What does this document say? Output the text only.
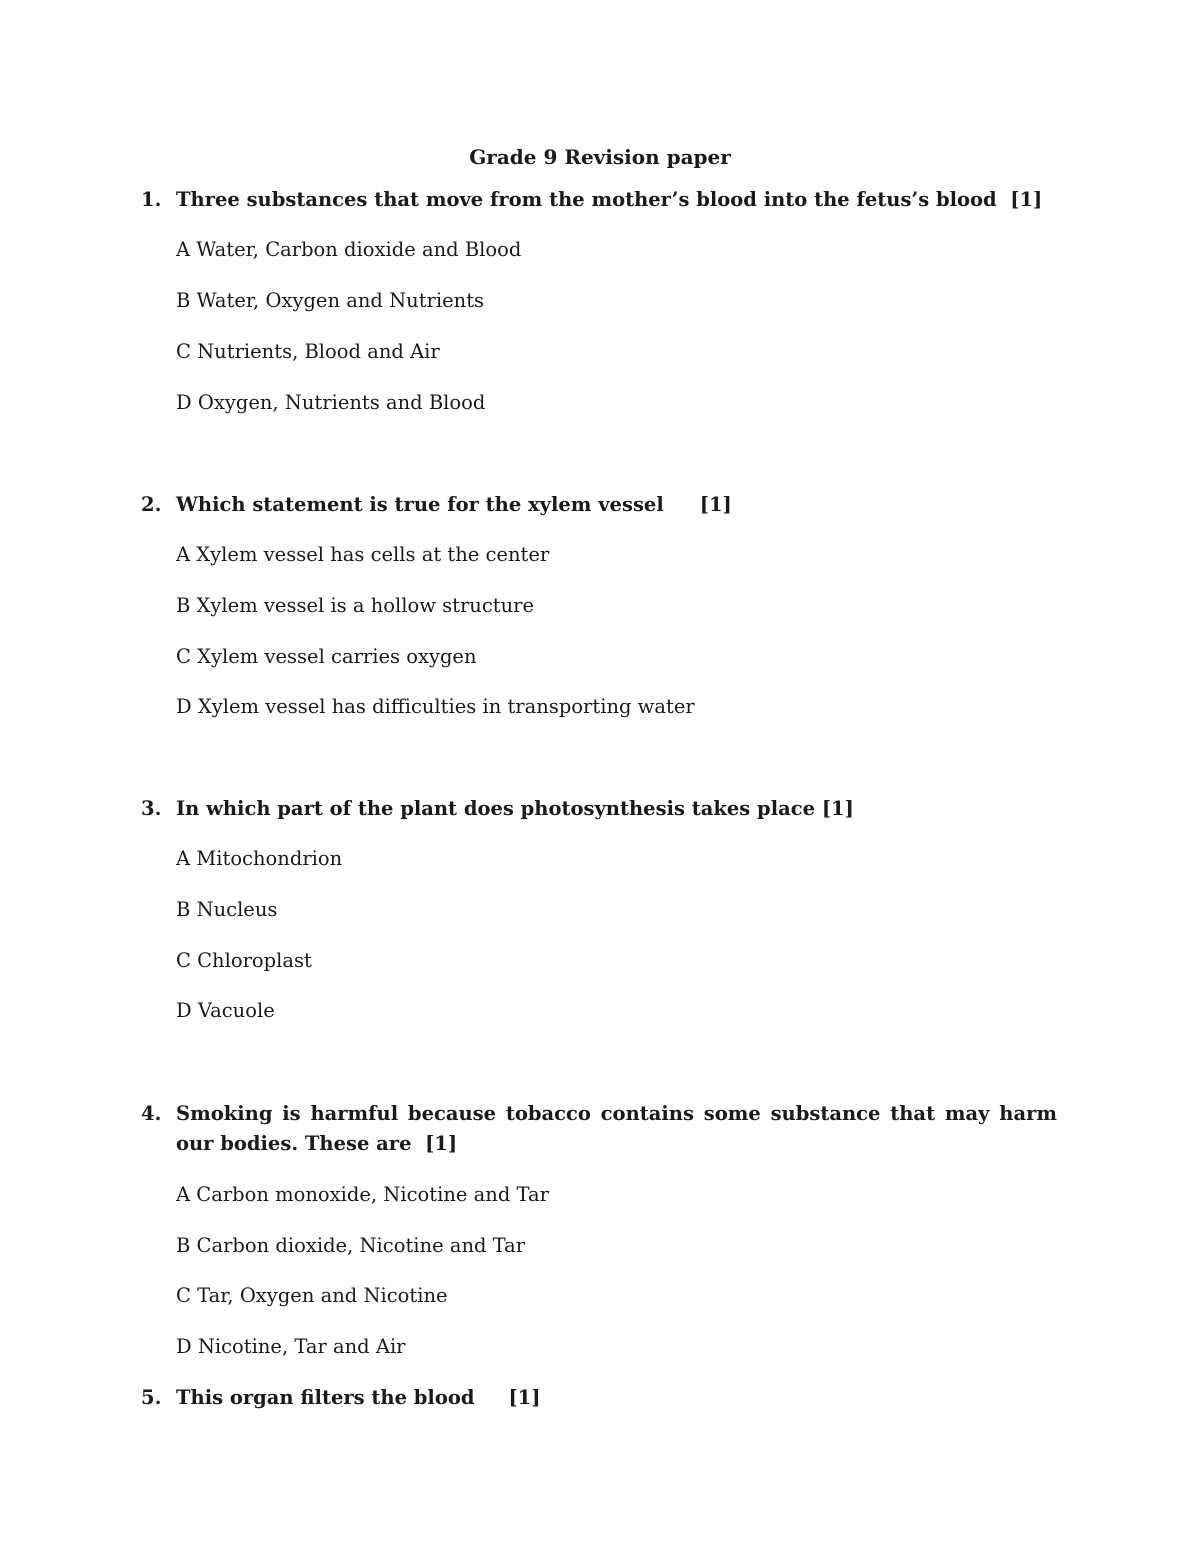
Grade 9 Revision paper
1. Three substances that move from the mother’s blood into the fetus’s blood [1]
A Water, Carbon dioxide and Blood
B Water, Oxygen and Nutrients
C Nutrients, Blood and Air
D Oxygen, Nutrients and Blood
2. Which statement is true for the xylem vessel [1]
A Xylem vessel has cells at the center
B Xylem vessel is a hollow structure
C Xylem vessel carries oxygen
D Xylem vessel has difficulties in transporting water
3. In which part of the plant does photosynthesis takes place [1]
A Mitochondrion
B Nucleus
C Chloroplast
D Vacuole
4. Smoking is harmful because tobacco contains some substance that may harm our bodies. These are [1]
A Carbon monoxide, Nicotine and Tar
B Carbon dioxide, Nicotine and Tar
C Tar, Oxygen and Nicotine
D Nicotine, Tar and Air
5. This organ filters the blood [1]
